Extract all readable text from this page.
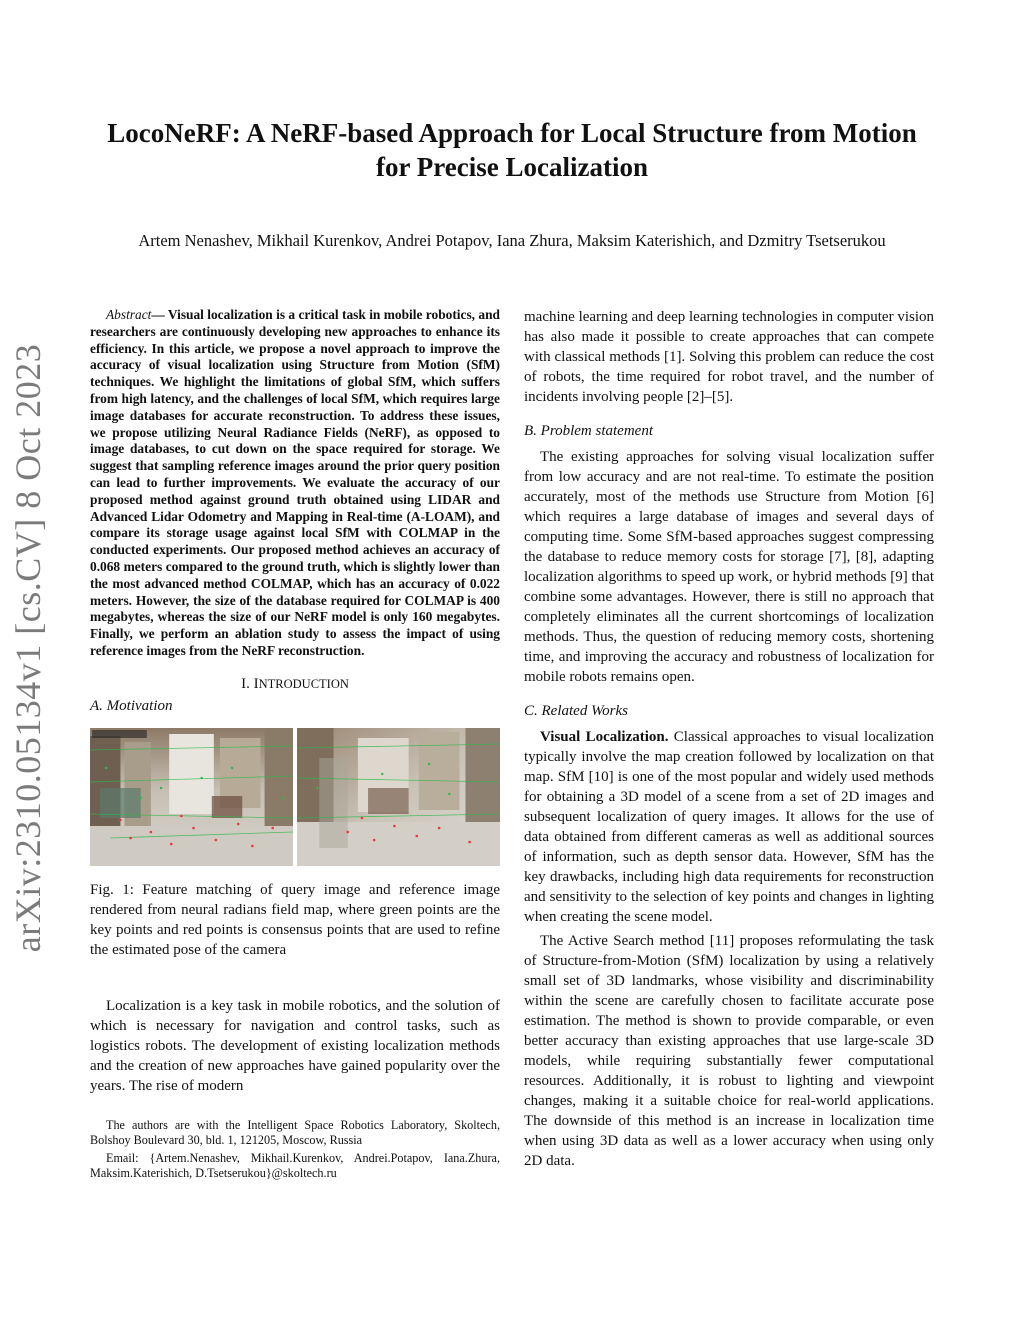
arXiv:2310.05134v1 [cs.CV] 8 Oct 2023
LocoNeRF: A NeRF-based Approach for Local Structure from Motion
for Precise Localization

Artem Nenashev, Mikhail Kurenkov, Andrei Potapov, Iana Zhura, Maksim Katerishich, and Dzmitry Tsetserukou

Abstract— Visual localization is a critical task in mobile robotics, and researchers are continuously developing new approaches to enhance its efficiency. In this article, we propose a novel approach to improve the accuracy of visual localization using Structure from Motion (SfM) techniques. We highlight the limitations of global SfM, which suffers from high latency, and the challenges of local SfM, which requires large image databases for accurate reconstruction. To address these issues, we propose utilizing Neural Radiance Fields (NeRF), as opposed to image databases, to cut down on the space required for storage. We suggest that sampling reference images around the prior query position can lead to further improvements. We evaluate the accuracy of our proposed method against ground truth obtained using LIDAR and Advanced Lidar Odometry and Mapping in Real-time (A-LOAM), and compare its storage usage against local SfM with COLMAP in the conducted experiments. Our proposed method achieves an accuracy of 0.068 meters compared to the ground truth, which is slightly lower than the most advanced method COLMAP, which has an accuracy of 0.022 meters. However, the size of the database required for COLMAP is 400 megabytes, whereas the size of our NeRF model is only 160 megabytes. Finally, we perform an ablation study to assess the impact of using reference images from the NeRF reconstruction.

I. INTRODUCTION
A. Motivation

Fig. 1: Feature matching of query image and reference image rendered from neural radians field map, where green points are the key points and red points is consensus points that are used to refine the estimated pose of the camera

Localization is a key task in mobile robotics, and the solution of which is necessary for navigation and control tasks, such as logistics robots. The development of existing localization methods and the creation of new approaches have gained popularity over the years. The rise of modern

The authors are with the Intelligent Space Robotics Laboratory, Skoltech, Bolshoy Boulevard 30, bld. 1, 121205, Moscow, Russia

Email: {Artem.Nenashev, Mikhail.Kurenkov, Andrei.Potapov, Iana.Zhura, Maksim.Katerishich, D.Tsetserukou}@skoltech.ru

machine learning and deep learning technologies in computer vision has also made it possible to create approaches that can compete with classical methods [1]. Solving this problem can reduce the cost of robots, the time required for robot travel, and the number of incidents involving people [2]–[5].

B. Problem statement

The existing approaches for solving visual localization suffer from low accuracy and are not real-time. To estimate the position accurately, most of the methods use Structure from Motion [6] which requires a large database of images and several days of computing time. Some SfM-based approaches suggest compressing the database to reduce memory costs for storage [7], [8], adapting localization algorithms to speed up work, or hybrid methods [9] that combine some advantages. However, there is still no approach that completely eliminates all the current shortcomings of localization methods. Thus, the question of reducing memory costs, shortening time, and improving the accuracy and robustness of localization for mobile robots remains open.

C. Related Works

Visual Localization. Classical approaches to visual localization typically involve the map creation followed by localization on that map. SfM [10] is one of the most popular and widely used methods for obtaining a 3D model of a scene from a set of 2D images and subsequent localization of query images. It allows for the use of data obtained from different cameras as well as additional sources of information, such as depth sensor data. However, SfM has the key drawbacks, including high data requirements for reconstruction and sensitivity to the selection of key points and changes in lighting when creating the scene model.

The Active Search method [11] proposes reformulating the task of Structure-from-Motion (SfM) localization by using a relatively small set of 3D landmarks, whose visibility and discriminability within the scene are carefully chosen to facilitate accurate pose estimation. The method is shown to provide comparable, or even better accuracy than existing approaches that use large-scale 3D models, while requiring substantially fewer computational resources. Additionally, it is robust to lighting and viewpoint changes, making it a suitable choice for real-world applications. The downside of this method is an increase in localization time when using 3D data as well as a lower accuracy when using only 2D data.
